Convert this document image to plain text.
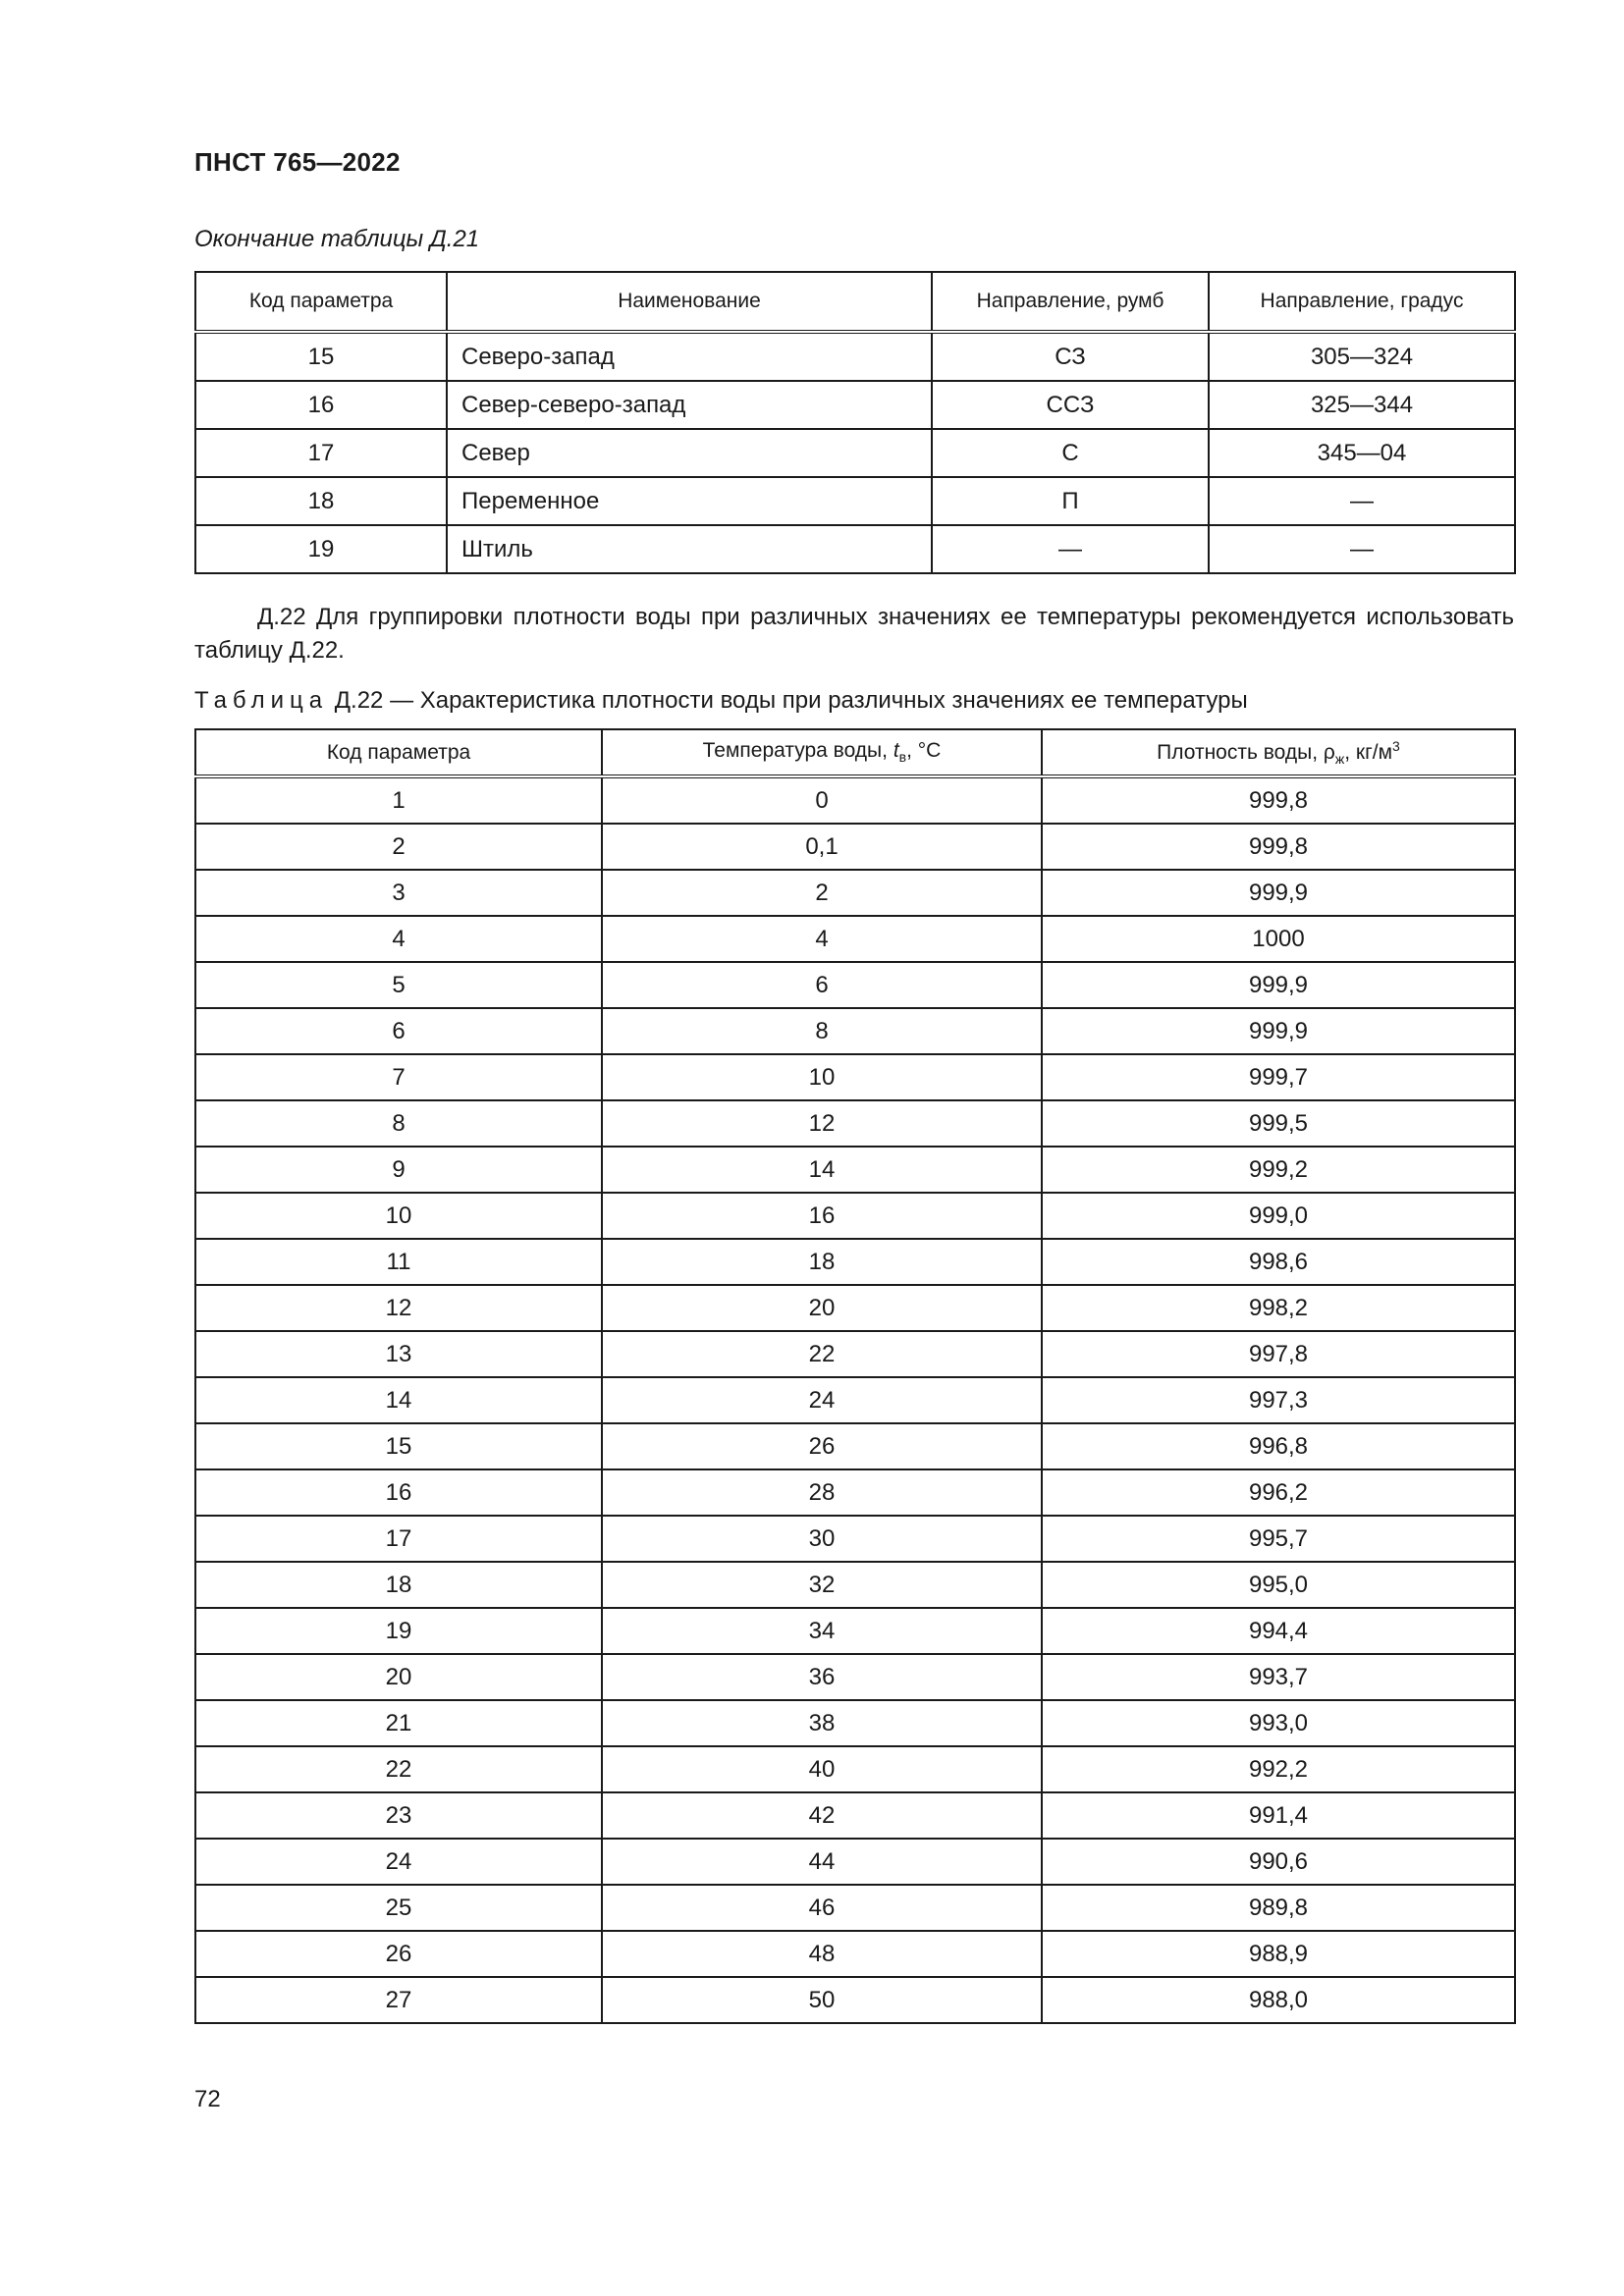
ПНСТ 765—2022
Окончание таблицы Д.21
Код параметра	Наименование	Направление, румб	Направление, градус
15	Северо-запад	СЗ	305—324
16	Север-северо-запад	ССЗ	325—344
17	Север	С	345—04
18	Переменное	П	—
19	Штиль	—	—
Д.22 Для группировки плотности воды при различных значениях ее температуры рекомендуется использовать таблицу Д.22.
Таблица Д.22 — Характеристика плотности воды при различных значениях ее температуры
Код параметра	Температура воды, $t_в$, °С	Плотность воды, $\rho_ж$, $кг/м^3$
1	0	999,8
2	0,1	999,8
3	2	999,9
4	4	1000
5	6	999,9
6	8	999,9
7	10	999,7
8	12	999,5
9	14	999,2
10	16	999,0
11	18	998,6
12	20	998,2
13	22	997,8
14	24	997,3
15	26	996,8
16	28	996,2
17	30	995,7
18	32	995,0
19	34	994,4
20	36	993,7
21	38	993,0
22	40	992,2
23	42	991,4
24	44	990,6
25	46	989,8
26	48	988,9
27	50	988,0
72
